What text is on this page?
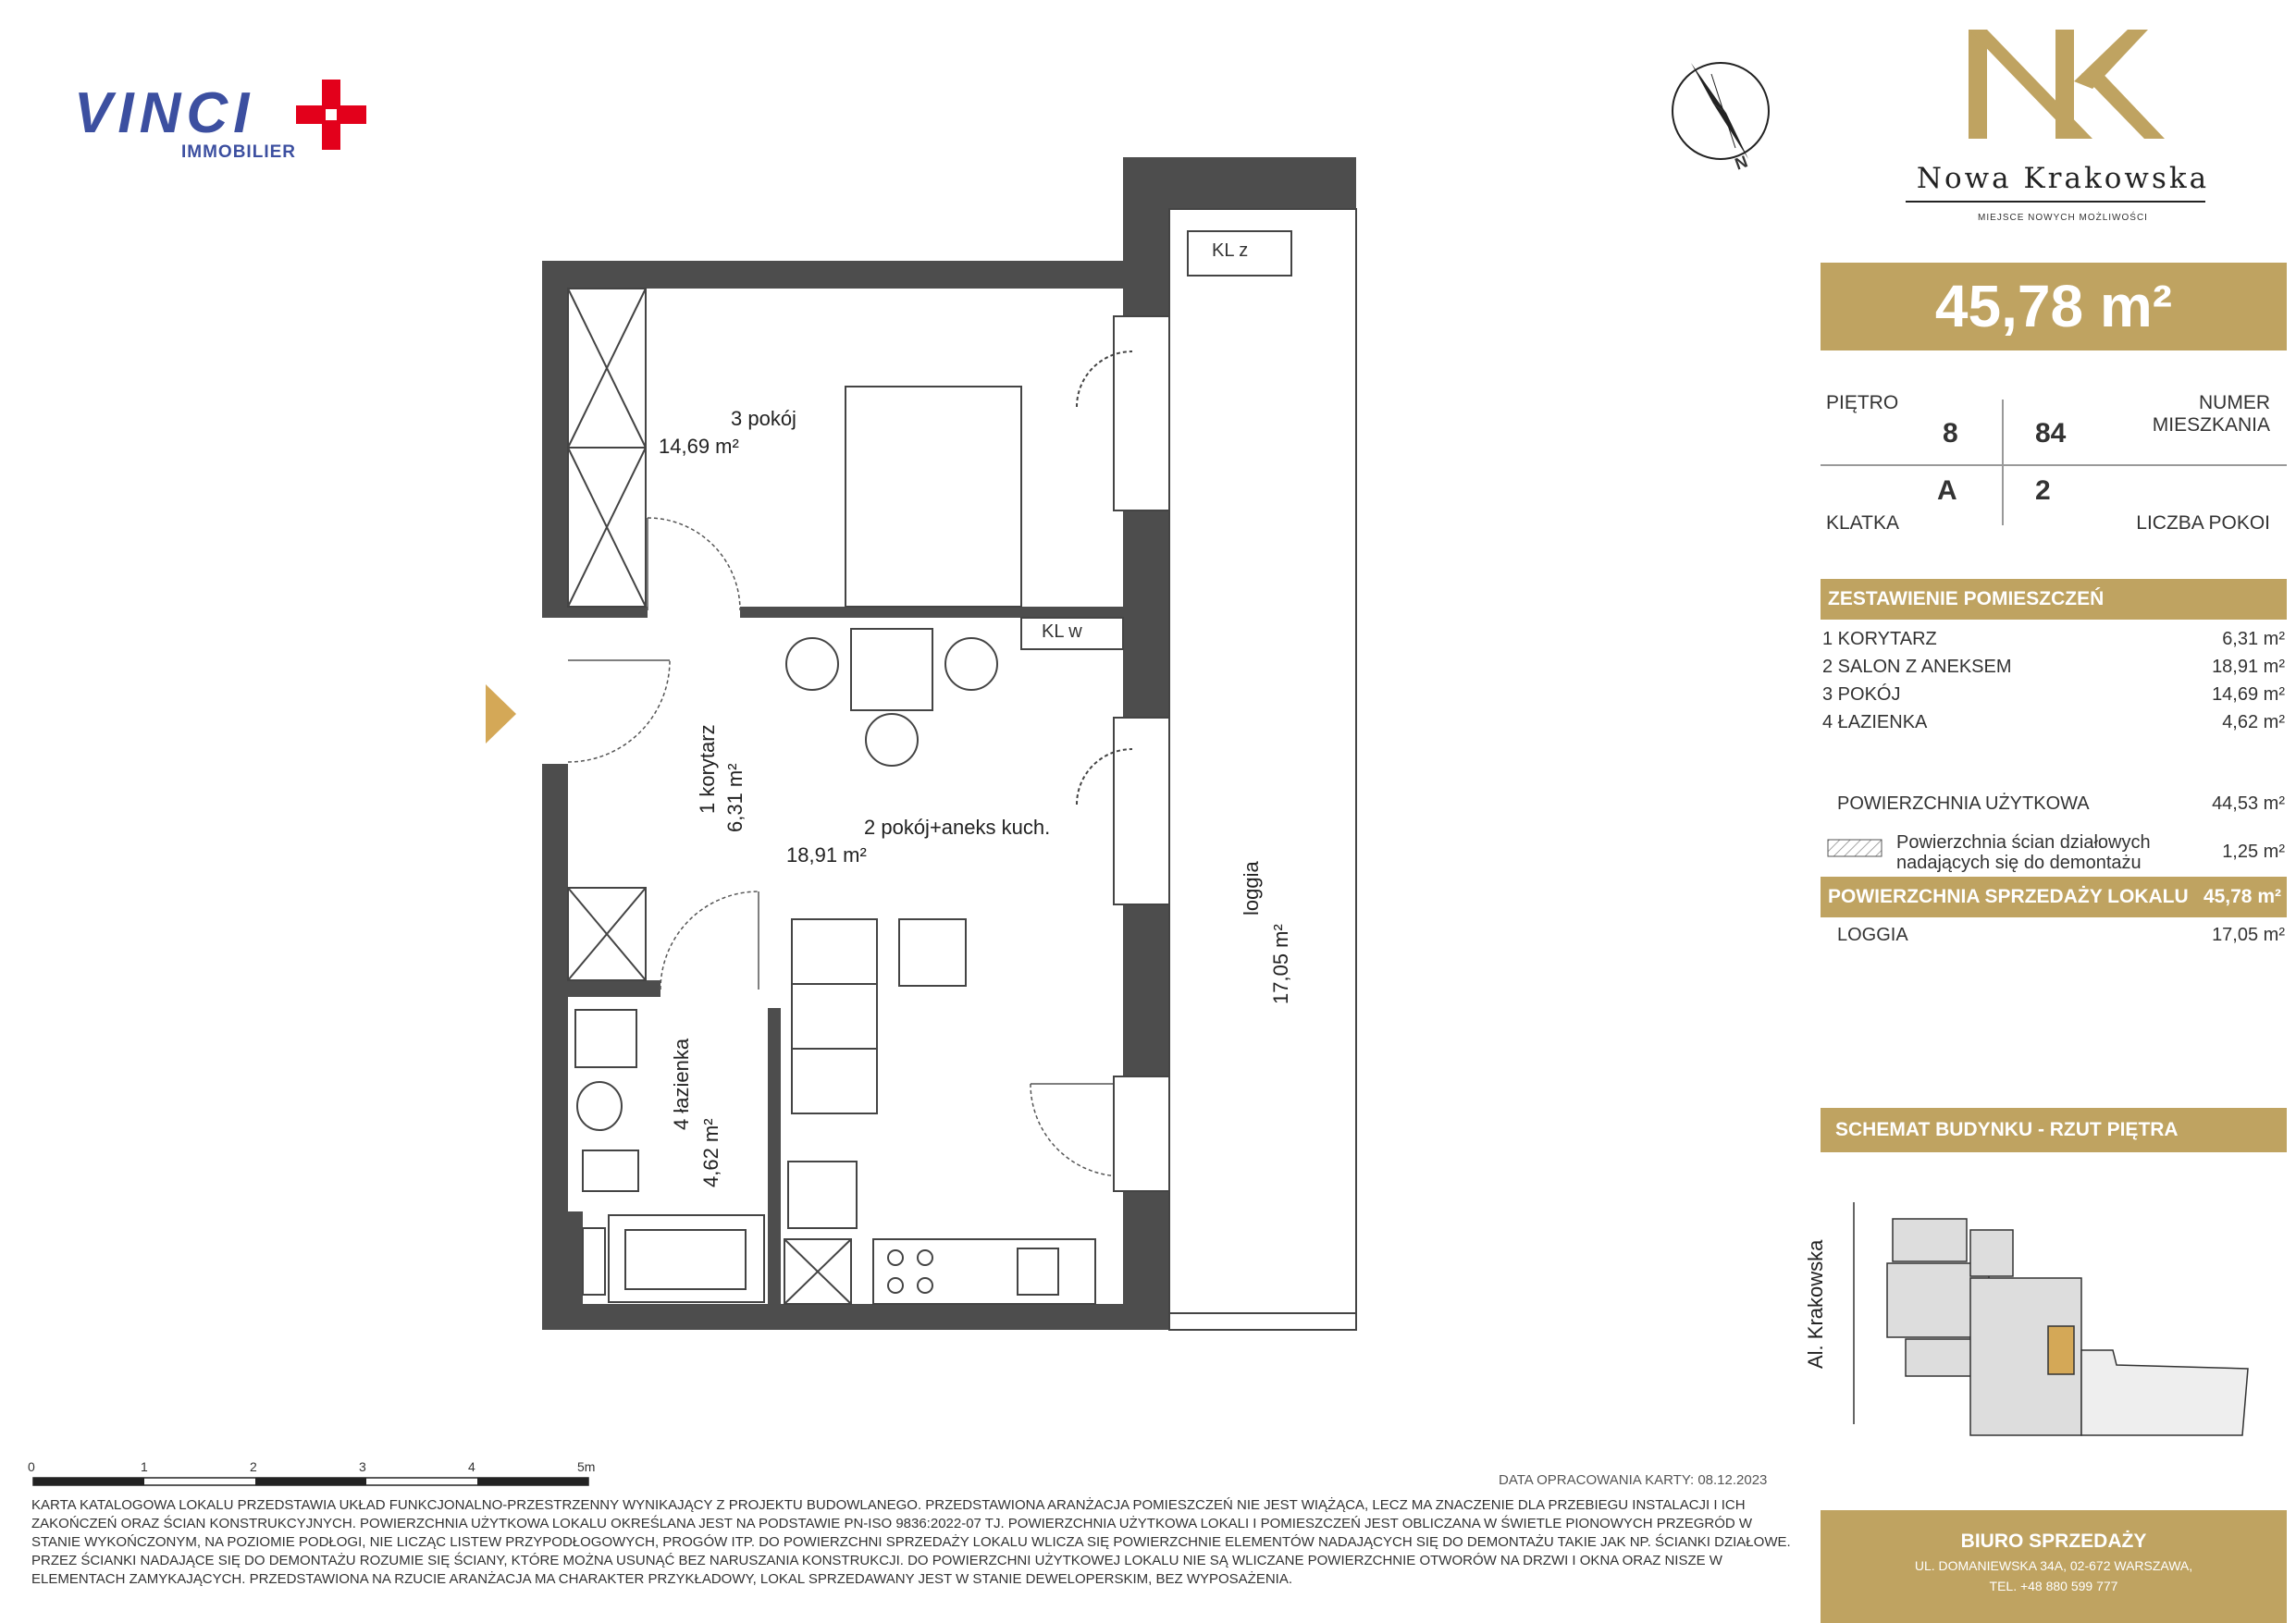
VINCI
IMMOBILIER
Nowa Krakowska
MIEJSCE NOWYCH MOŻLIWOŚCI
N
45,78 m²
PIĘTRO	NUMER MIESZKANIA
8	84
A	2
KLATKA	LICZBA POKOI
ZESTAWIENIE POMIESZCZEŃ
1 KORYTARZ	6,31 m²
2 SALON Z ANEKSEM	18,91 m²
3 POKÓJ	14,69 m²
4 ŁAZIENKA	4,62 m²
POWIERZCHNIA UŻYTKOWA	44,53 m²
Powierzchnia ścian działowych
nadających się do demontażu
1,25 m²
POWIERZCHNIA SPRZEDAŻY LOKALU 45,78 m²
LOGGIA	17,05 m²
SCHEMAT BUDYNKU - RZUT PIĘTRA
Al. Krakowska
KL z
KL w
3 pokój
14,69 m²
1 korytarz 6,31 m²	2 pokój+aneks kuch.
18,91 m²
4 łazienka
4,62 m²
loggia
17,05 m²
0	1	2	3	4	5m
DATA OPRACOWANIA KARTY: 08.12.2023
KARTA KATALOGOWA LOKALU PRZEDSTAWIA UKŁAD FUNKCJONALNO-PRZESTRZENNY WYNIKAJĄCY Z PROJEKTU BUDOWLANEGO. PRZEDSTAWIONA ARANŻACJA POMIESZCZEŃ NIE JEST WIĄŻĄCA, LECZ MA ZNACZENIE DLA PRZEBIEGU INSTALACJI I ICH ZAKOŃCZEŃ ORAZ ŚCIAN KONSTRUKCYJNYCH. POWIERZCHNIA UŻYTKOWA LOKALU OKREŚLANA JEST NA PODSTAWIE PN-ISO 9836:2022-07 TJ. POWIERZCHNIA UŻYTKOWA LOKALI I POMIESZCZEŃ JEST OBLICZANA W ŚWIETLE PIONOWYCH PRZEGRÓD W STANIE WYKOŃCZONYM, NA POZIOMIE PODŁOGI, NIE LICZĄC LISTEW PRZYPODŁOGOWYCH, PROGÓW ITP. DO POWIERZCHNI SPRZEDAŻY LOKALU WLICZA SIĘ POWIERZCHNIE ELEMENTÓW NADAJĄCYCH SIĘ DO DEMONTAŻU TAKIE JAK NP. ŚCIANKI DZIAŁOWE. PRZEZ ŚCIANKI NADAJĄCE SIĘ DO DEMONTAŻU ROZUMIE SIĘ ŚCIANY, KTÓRE MOŻNA USUNĄĆ BEZ NARUSZANIA KONSTRUKCJI. DO POWIERZCHNI UŻYTKOWEJ LOKALU NIE SĄ WLICZANE POWIERZCHNIE OTWORÓW NA DRZWI I OKNA ORAZ NISZE W ELEMENTACH ZAMYKAJĄCYCH. PRZEDSTAWIONA NA RZUCIE ARANŻACJA MA CHARAKTER PRZYKŁADOWY, LOKAL SPRZEDAWANY JEST W STANIE DEWELOPERSKIM, BEZ WYPOSAŻENIA.
BIURO SPRZEDAŻY
UL. DOMANIEWSKA 34A, 02-672 WARSZAWA,
TEL. +48 880 599 777
